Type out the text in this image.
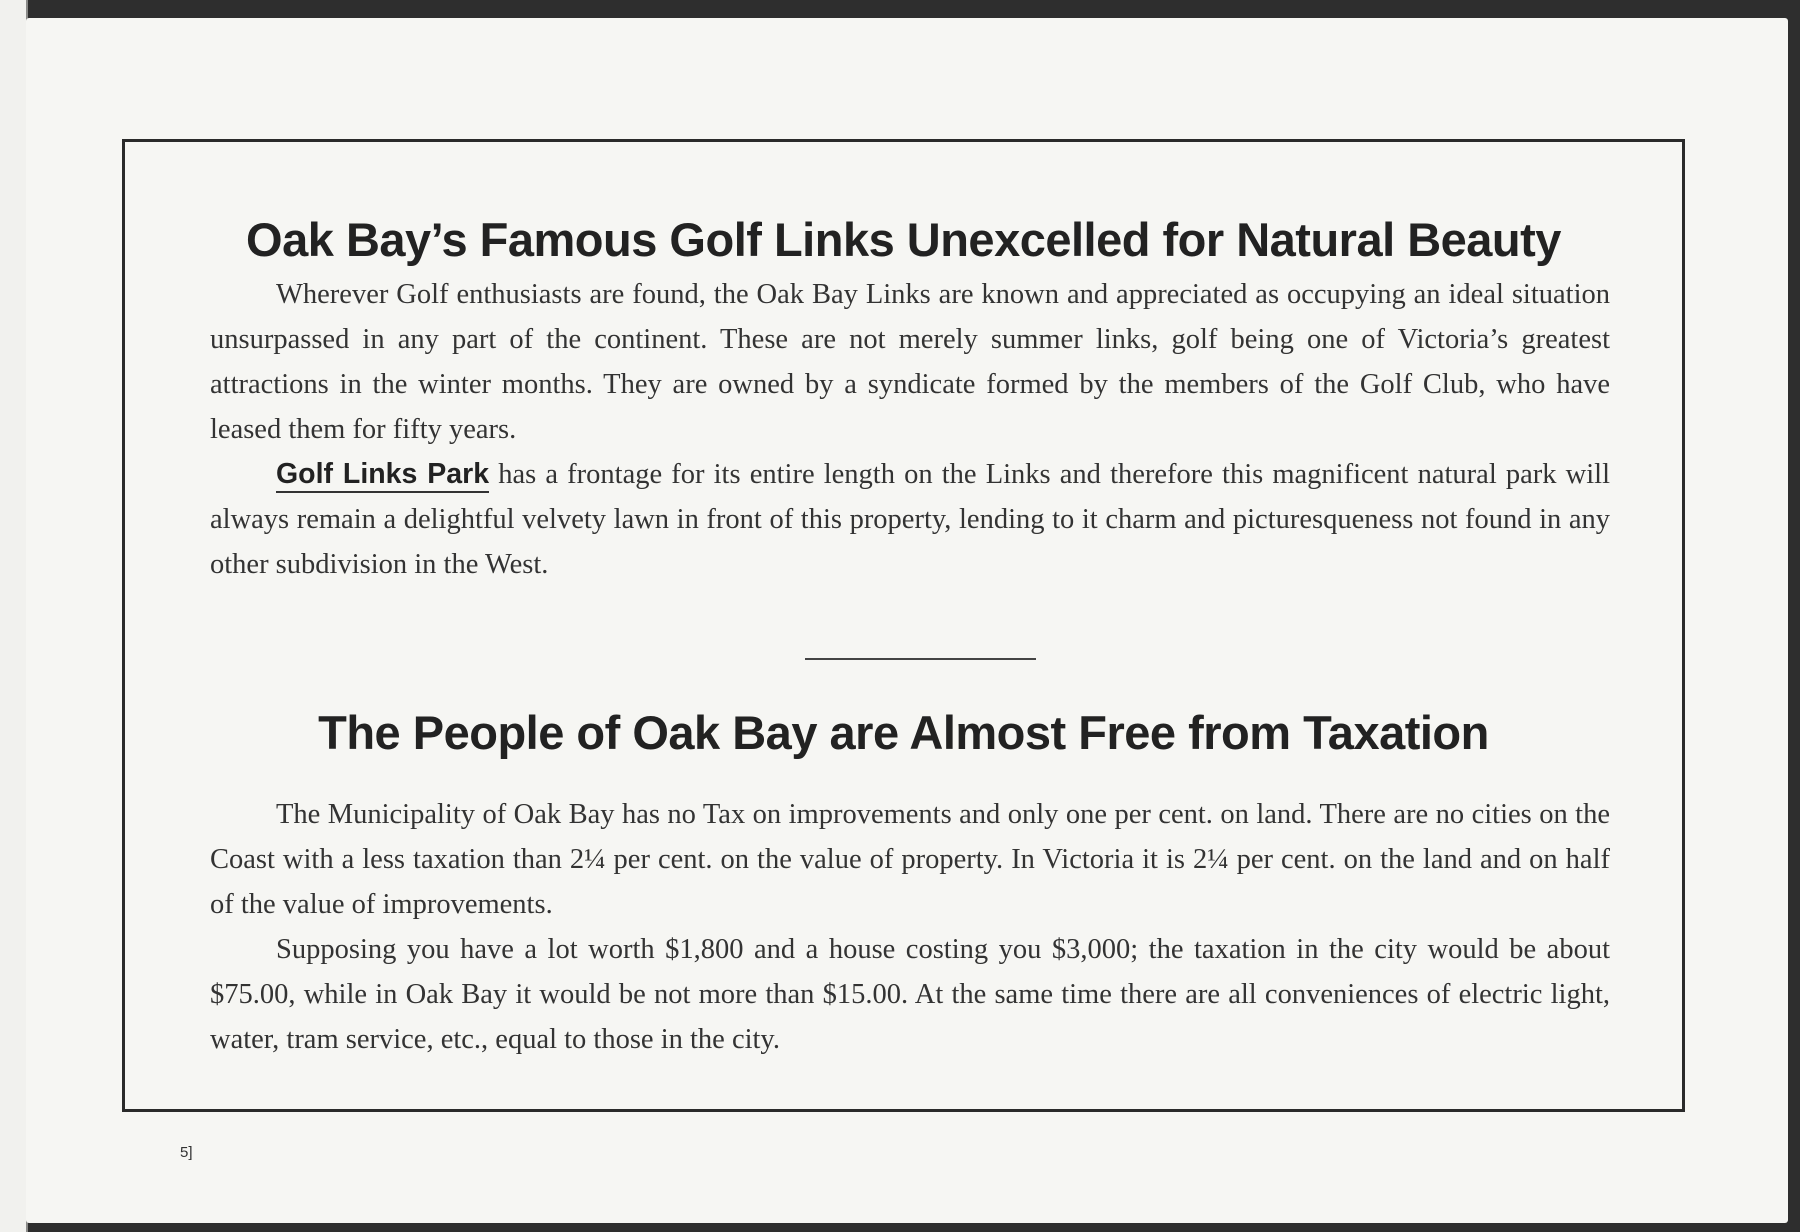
Oak Bay’s Famous Golf Links Unexcelled for Natural Beauty

Wherever Golf enthusiasts are found, the Oak Bay Links are known and appreciated as occupying an ideal situation unsurpassed in any part of the continent. These are not merely summer links, golf being one of Victoria’s greatest attractions in the winter months. They are owned by a syndicate formed by the members of the Golf Club, who have leased them for fifty years.

Golf Links Park has a frontage for its entire length on the Links and therefore this magnificent natural park will always remain a delightful velvety lawn in front of this property, lending to it charm and picturesqueness not found in any other subdivision in the West.

The People of Oak Bay are Almost Free from Taxation

The Municipality of Oak Bay has no Tax on improvements and only one per cent. on land. There are no cities on the Coast with a less taxation than 2¼ per cent. on the value of property. In Victoria it is 2¼ per cent. on the land and on half of the value of improvements.

Supposing you have a lot worth $1,800 and a house costing you $3,000; the taxation in the city would be about $75.00, while in Oak Bay it would be not more than $15.00. At the same time there are all conveniences of electric light, water, tram service, etc., equal to those in the city.

5]
